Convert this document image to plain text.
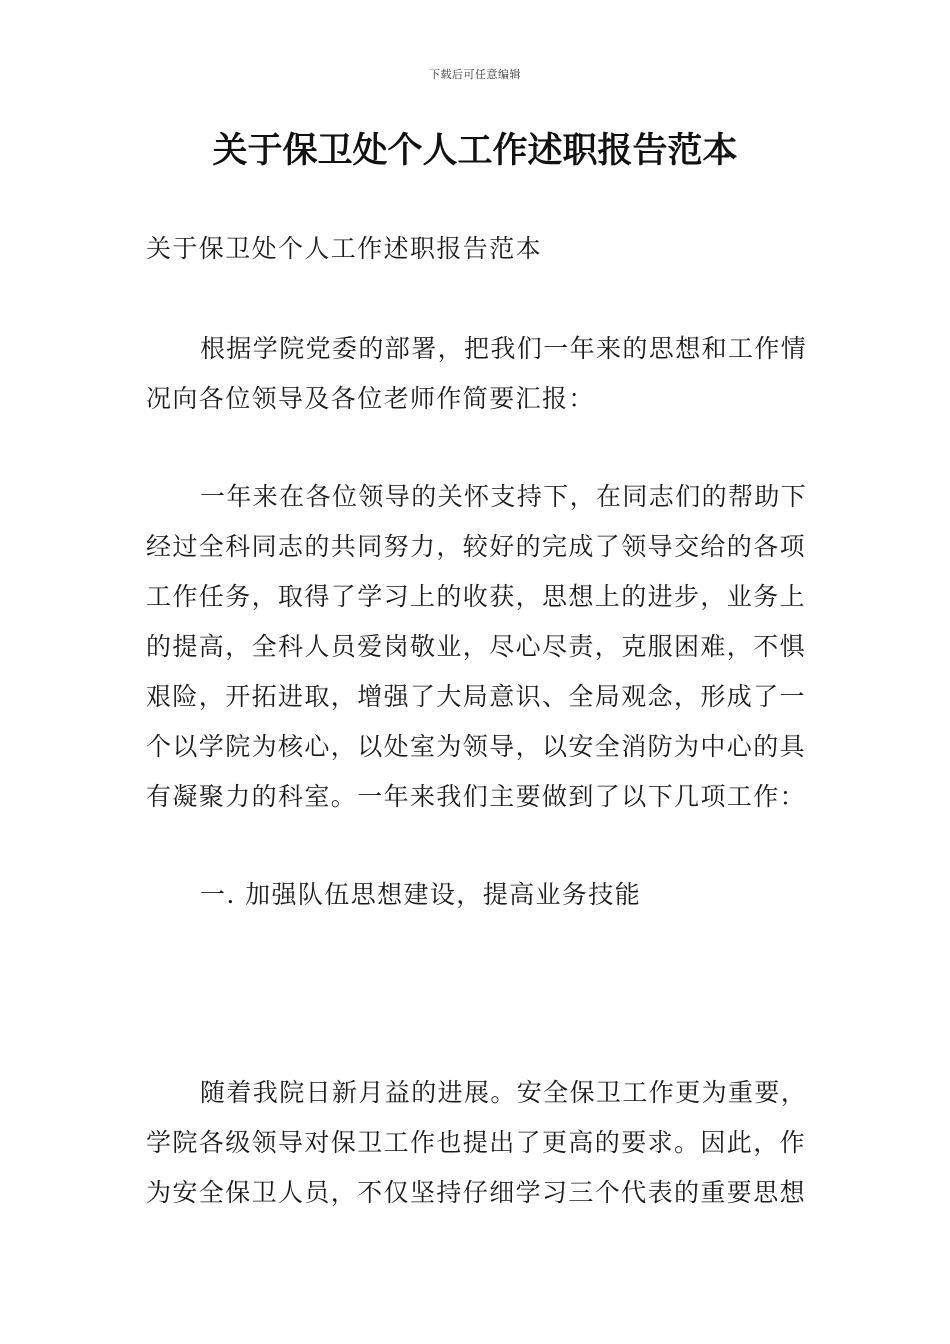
下载后可任意编辑
关于保卫处个人工作述职报告范本

关于保卫处个人工作述职报告范本

根据学院党委的部署，把我们一年来的思想和工作情况向各位领导及各位老师作简要汇报：

一年来在各位领导的关怀支持下，在同志们的帮助下经过全科同志的共同努力，较好的完成了领导交给的各项工作任务，取得了学习上的收获，思想上的进步，业务上的提高，全科人员爱岗敬业，尽心尽责，克服困难，不惧艰险，开拓进取，增强了大局意识、全局观念，形成了一个以学院为核心，以处室为领导，以安全消防为中心的具有凝聚力的科室。一年来我们主要做到了以下几项工作：

一. 加强队伍思想建设，提高业务技能

随着我院日新月益的进展。安全保卫工作更为重要，学院各级领导对保卫工作也提出了更高的要求。因此，作为安全保卫人员，不仅坚持仔细学习三个代表的重要思想
